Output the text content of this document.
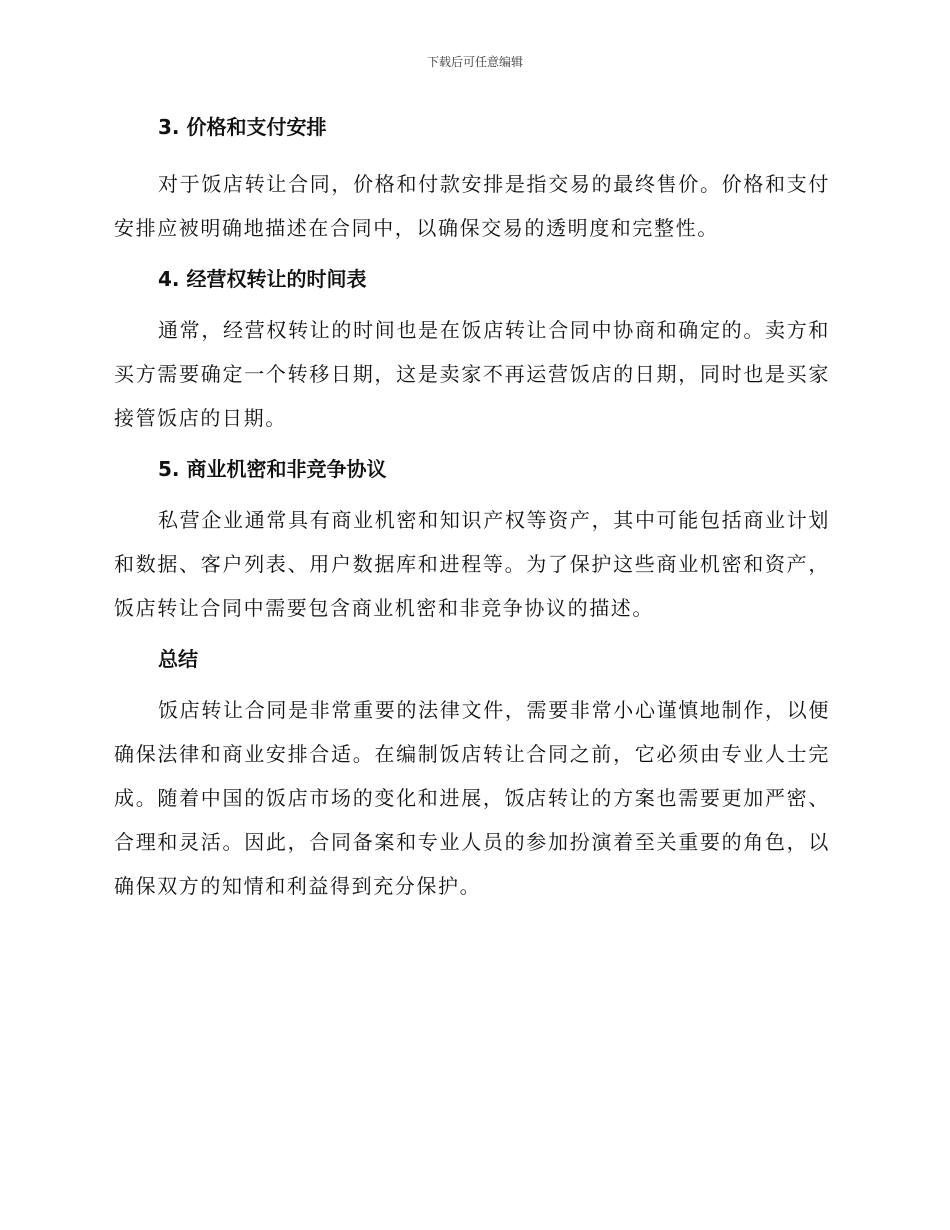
下载后可任意编辑
3. 价格和支付安排

对于饭店转让合同，价格和付款安排是指交易的最终售价。价格和支付安排应被明确地描述在合同中，以确保交易的透明度和完整性。

4. 经营权转让的时间表

通常，经营权转让的时间也是在饭店转让合同中协商和确定的。卖方和买方需要确定一个转移日期，这是卖家不再运营饭店的日期，同时也是买家接管饭店的日期。

5. 商业机密和非竞争协议

私营企业通常具有商业机密和知识产权等资产，其中可能包括商业计划和数据、客户列表、用户数据库和进程等。为了保护这些商业机密和资产，饭店转让合同中需要包含商业机密和非竞争协议的描述。

总结

饭店转让合同是非常重要的法律文件，需要非常小心谨慎地制作，以便确保法律和商业安排合适。在编制饭店转让合同之前，它必须由专业人士完成。随着中国的饭店市场的变化和进展，饭店转让的方案也需要更加严密、合理和灵活。因此，合同备案和专业人员的参加扮演着至关重要的角色，以确保双方的知情和利益得到充分保护。
